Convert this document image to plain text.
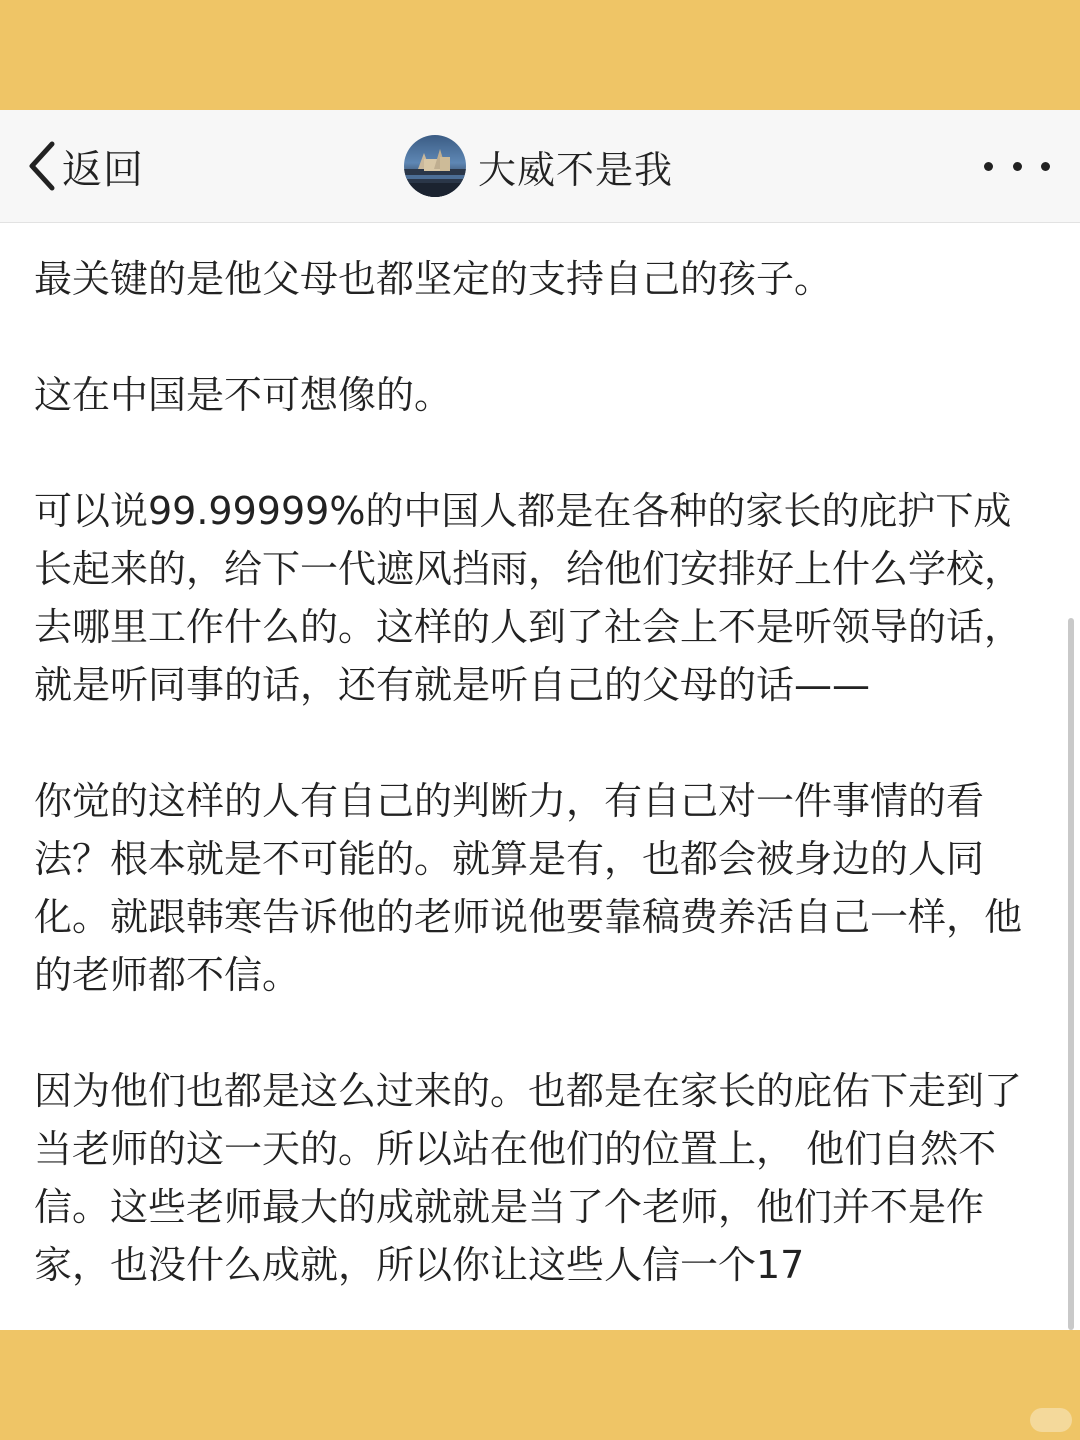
返回	大威不是我

最关键的是他父母也都坚定的支持自己的孩子。

这在中国是不可想像的。

可以说99.99999%的中国人都是在各种的家长的庇护下成长起来的，给下一代遮风挡雨，给他们安排好上什么学校，去哪里工作什么的。这样的人到了社会上不是听领导的话，就是听同事的话，还有就是听自己的父母的话——

你觉的这样的人有自己的判断力，有自己对一件事情的看法？根本就是不可能的。就算是有，也都会被身边的人同化。就跟韩寒告诉他的老师说他要靠稿费养活自己一样，他的老师都不信。

因为他们也都是这么过来的。也都是在家长的庇佑下走到了当老师的这一天的。所以站在他们的位置上， 他们自然不信。这些老师最大的成就就是当了个老师，他们并不是作家，也没什么成就，所以你让这些人信一个17
